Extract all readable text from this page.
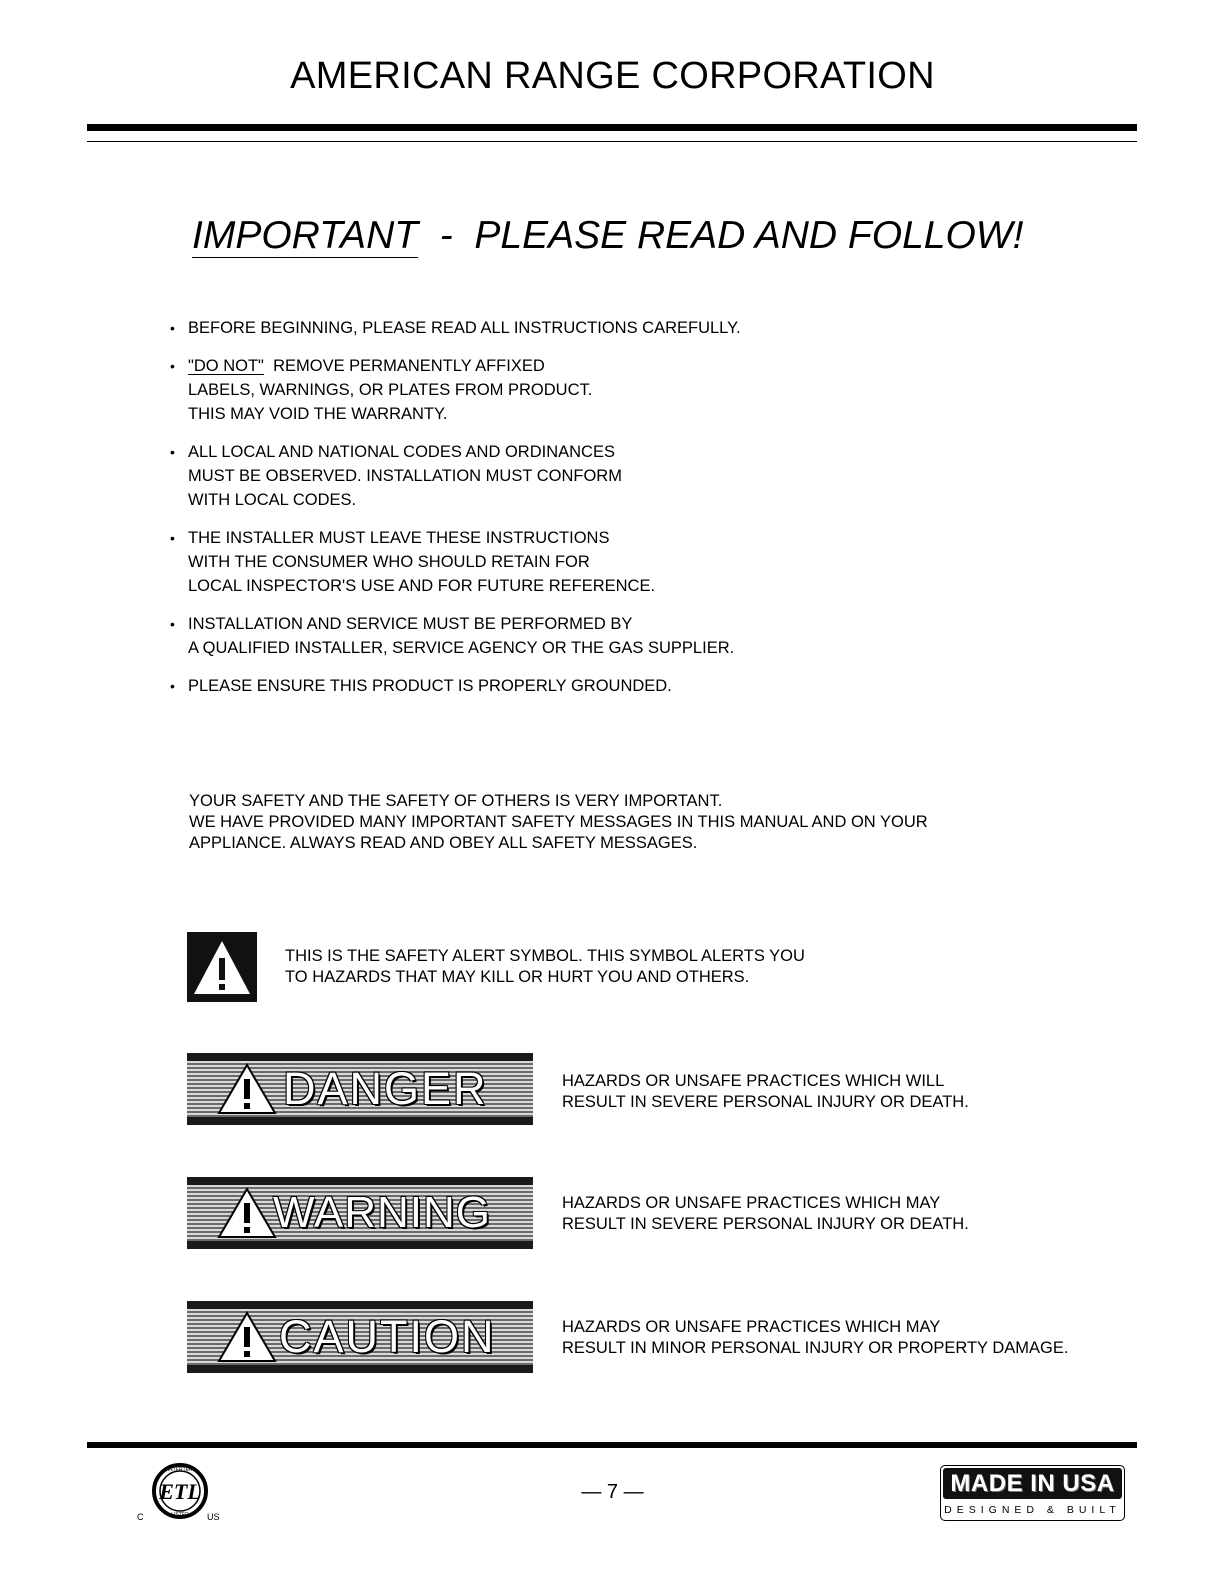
AMERICAN RANGE CORPORATION
IMPORTANT - PLEASE READ AND FOLLOW!
• BEFORE BEGINNING, PLEASE READ ALL INSTRUCTIONS CAREFULLY.
• "DO NOT" REMOVE PERMANENTLY AFFIXED
LABELS, WARNINGS, OR PLATES FROM PRODUCT.
THIS MAY VOID THE WARRANTY.
• ALL LOCAL AND NATIONAL CODES AND ORDINANCES
MUST BE OBSERVED. INSTALLATION MUST CONFORM
WITH LOCAL CODES.
• THE INSTALLER MUST LEAVE THESE INSTRUCTIONS
WITH THE CONSUMER WHO SHOULD RETAIN FOR
LOCAL INSPECTOR'S USE AND FOR FUTURE REFERENCE.
• INSTALLATION AND SERVICE MUST BE PERFORMED BY
A QUALIFIED INSTALLER, SERVICE AGENCY OR THE GAS SUPPLIER.
• PLEASE ENSURE THIS PRODUCT IS PROPERLY GROUNDED.
YOUR SAFETY AND THE SAFETY OF OTHERS IS VERY IMPORTANT.
WE HAVE PROVIDED MANY IMPORTANT SAFETY MESSAGES IN THIS MANUAL AND ON YOUR
APPLIANCE. ALWAYS READ AND OBEY ALL SAFETY MESSAGES.
THIS IS THE SAFETY ALERT SYMBOL. THIS SYMBOL ALERTS YOU
TO HAZARDS THAT MAY KILL OR HURT YOU AND OTHERS.
DANGER	HAZARDS OR UNSAFE PRACTICES WHICH WILL
RESULT IN SEVERE PERSONAL INJURY OR DEATH.
WARNING	HAZARDS OR UNSAFE PRACTICES WHICH MAY
RESULT IN SEVERE PERSONAL INJURY OR DEATH.
CAUTION	HAZARDS OR UNSAFE PRACTICES WHICH MAY
RESULT IN MINOR PERSONAL INJURY OR PROPERTY DAMAGE.
ETL
INTERTEK
LISTED
C	US
— 7 —	MADE IN USA
DESIGNED & BUILT
